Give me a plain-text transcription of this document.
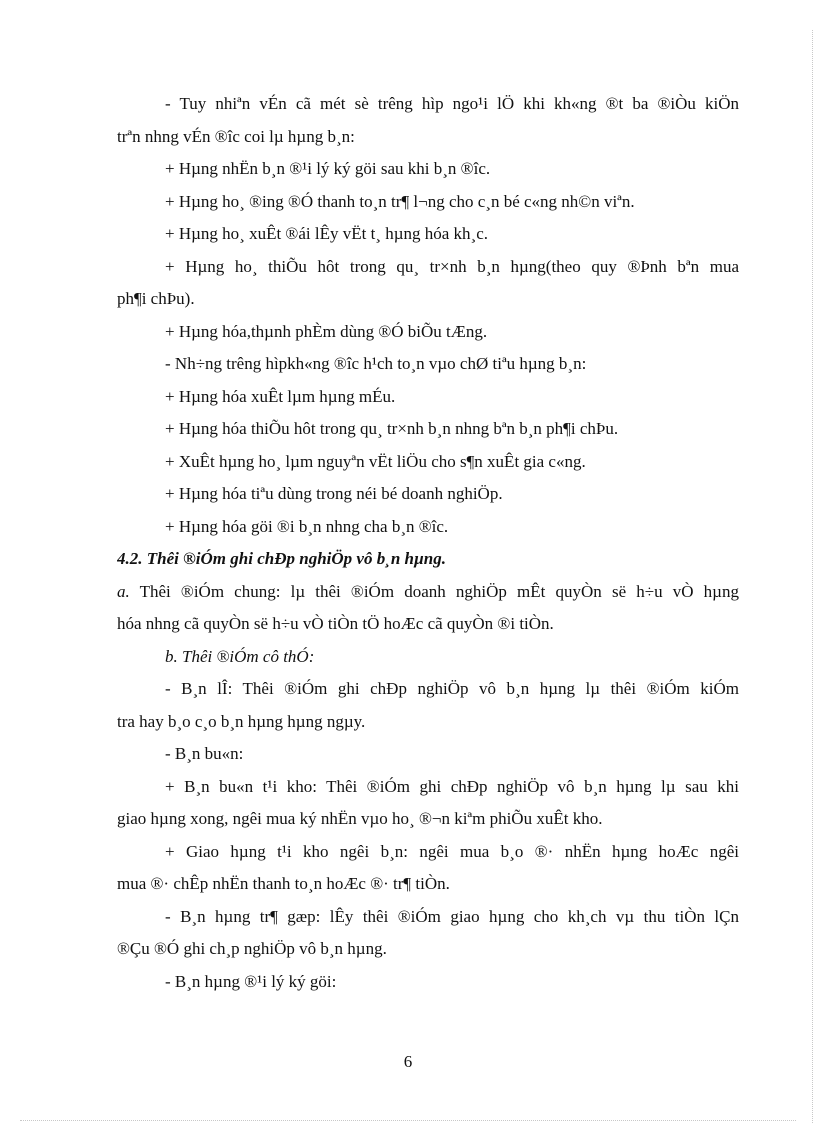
- Tuy nhiªn vÉn cã mét sè trêng hìp ngo¹i lÖ khi kh«ng ®t ba ®iÒu kiÖn
trªn nhng vÉn ®îc coi lµ hµng b¸n:
+ Hµng nhËn b¸n ®¹i lý ký göi sau khi b¸n ®îc.
+ Hµng ho¸ ®ing ®Ó thanh to¸n tr¶ l¬ng cho c¸n bé c«ng nh©n viªn.
+ Hµng ho¸ xuÊt ®ái lÊy vËt t¸ hµng hóa kh¸c.
+ Hµng ho¸ thiÕu hôt trong qu¸ tr×nh b¸n hµng(theo quy ®Þnh bªn mua
ph¶i chÞu).
+ Hµng hóa,thµnh phÈm dùng ®Ó biÕu tÆng.
- Nh÷ng trêng hìpkh«ng ®îc h¹ch to¸n vµo chØ tiªu hµng b¸n:
+ Hµng hóa xuÊt lµm hµng mÉu.
+ Hµng hóa thiÕu hôt trong qu¸ tr×nh b¸n nhng bªn b¸n ph¶i chÞu.
+ XuÊt hµng ho¸ lµm nguyªn vËt liÖu cho s¶n xuÊt gia c«ng.
+ Hµng hóa tiªu dùng trong néi bé doanh nghiÖp.
+ Hµng hóa göi ®i b¸n nhng cha b¸n ®îc.
4.2. Thêi ®iÓm ghi chÐp nghiÖp vô b¸n hµng.
a. Thêi ®iÓm chung: lµ thêi ®iÓm doanh nghiÖp mÊt quyÒn së h÷u vÒ hµng
hóa nhng cã quyÒn së h÷u vÒ tiÒn tÖ hoÆc cã quyÒn ®i tiÒn.
b. Thêi ®iÓm cô thÓ:
- B¸n lÎ: Thêi ®iÓm ghi chÐp nghiÖp vô b¸n hµng lµ thêi ®iÓm kiÓm
tra hay b¸o c¸o b¸n hµng hµng ngµy.
- B¸n bu«n:
+ B¸n bu«n t¹i kho: Thêi ®iÓm ghi chÐp nghiÖp vô b¸n hµng lµ sau khi
giao hµng xong, ngêi mua ký nhËn vµo ho¸ ®¬n kiªm phiÕu xuÊt kho.
+ Giao hµng t¹i kho ngêi b¸n: ngêi mua b¸o ®· nhËn hµng hoÆc ngêi
mua ®· chÊp nhËn thanh to¸n hoÆc ®· tr¶ tiÒn.
- B¸n hµng tr¶ gæp: lÊy thêi ®iÓm giao hµng cho kh¸ch vµ thu tiÒn lÇn
®Çu ®Ó ghi ch¸p nghiÖp vô b¸n hµng.
- B¸n hµng ®¹i lý ký göi:
6
